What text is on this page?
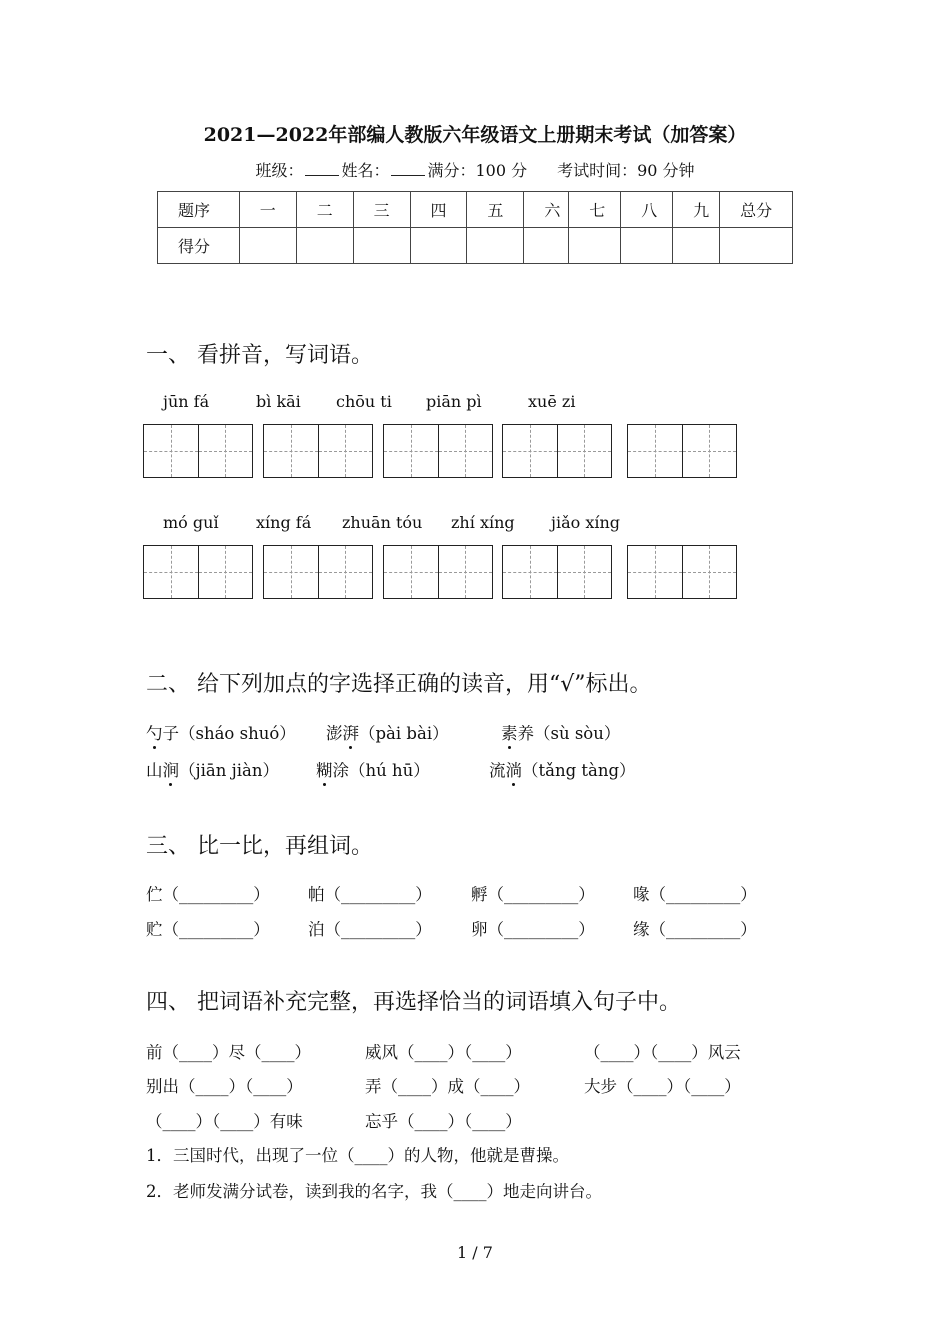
2021—2022年部编人教版六年级语文上册期末考试（加答案）
班级： 姓名： 满分：100 分 考试时间：90 分钟
题序	一	二	三	四	五	六	七	八	九	总分
得分										
一、 看拼音，写词语。
jūn fá	bì kāi chōu ti piān pì	xuē zi
mó guǐ xíng fá zhuān tóu zhí xíng jiǎo xíng
二、 给下列加点的字选择正确的读音，用“√”标出。
勺子（sháo shuó） 澎湃（pài bài）	素养（sù sòu）
山涧（jiān jiàn） 糊涂（hú hū）	流淌（tǎng tàng）
三、 比一比，再组词。
伫（_________） 帕（_________） 孵（_________） 喙（_________）
贮（_________） 泊（_________） 卵（_________） 缘（_________）
四、 把词语补充完整，再选择恰当的词语填入句子中。
前（____）尽（____）	威风（____）（____）	（____）（____）风云
别出（____）（____）	弄（____）成（____）	大步（____）（____）
（____）（____）有味	忘乎（____）（____）
1．三国时代，出现了一位（____）的人物，他就是曹操。
2．老师发满分试卷，读到我的名字，我（____）地走向讲台。
1 / 7
